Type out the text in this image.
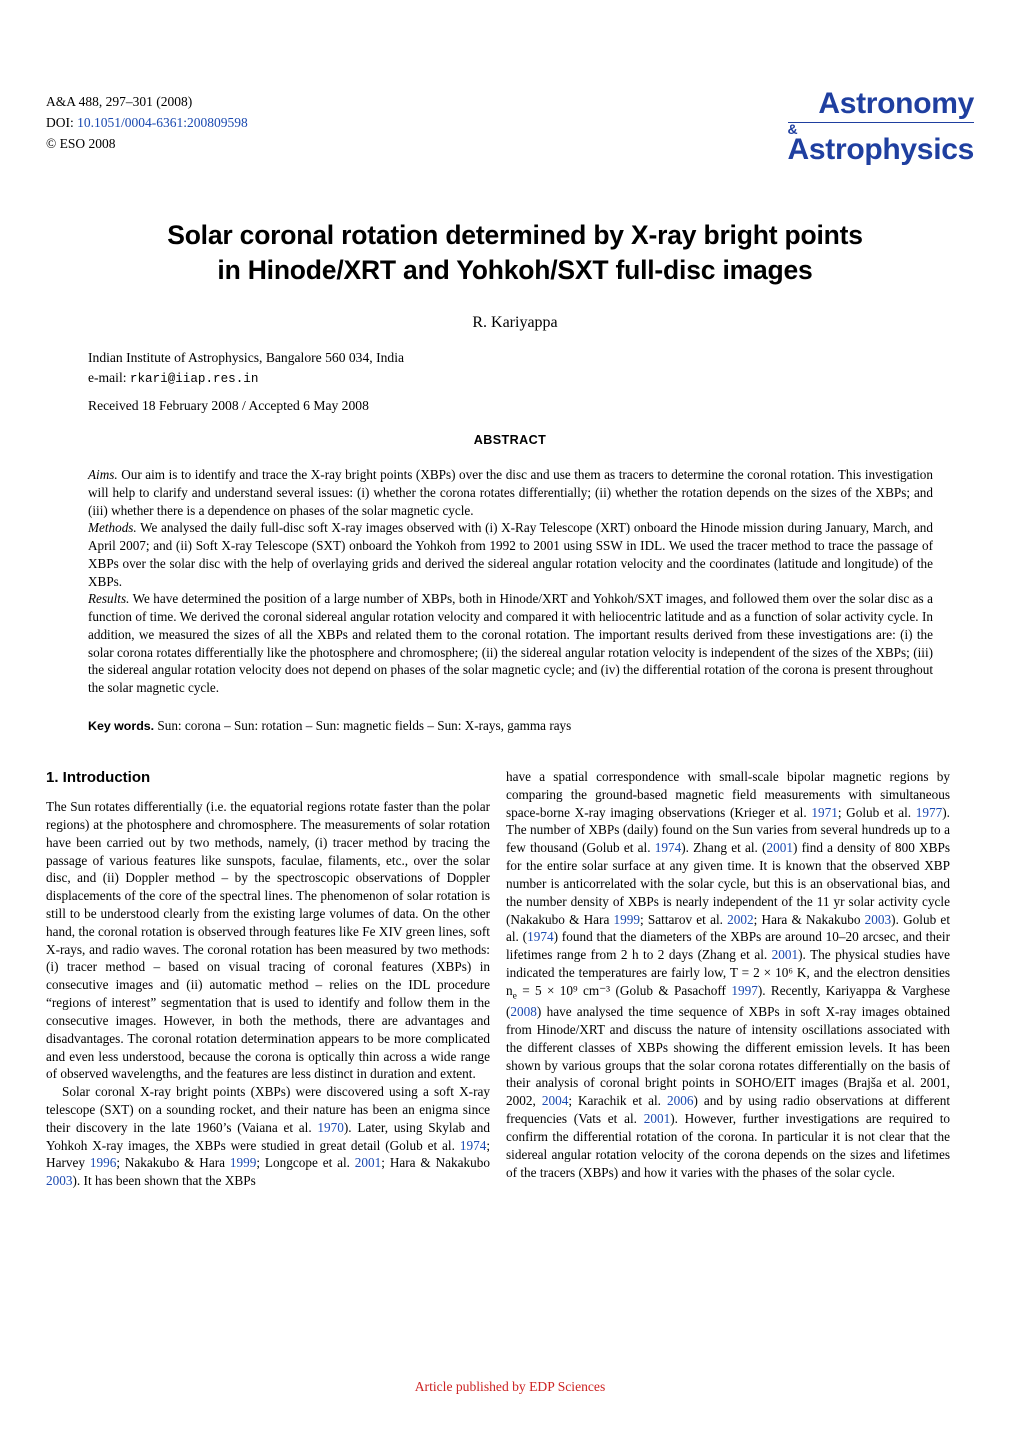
A&A 488, 297–301 (2008)
DOI: 10.1051/0004-6361:200809598
© ESO 2008
Astronomy
&
Astrophysics
Solar coronal rotation determined by X-ray bright points
in Hinode/XRT and Yohkoh/SXT full-disc images
R. Kariyappa
Indian Institute of Astrophysics, Bangalore 560 034, India
e-mail: rkari@iiap.res.in
Received 18 February 2008 / Accepted 6 May 2008
ABSTRACT

Aims. Our aim is to identify and trace the X-ray bright points (XBPs) over the disc and use them as tracers to determine the coronal rotation. This investigation will help to clarify and understand several issues: (i) whether the corona rotates differentially; (ii) whether the rotation depends on the sizes of the XBPs; and (iii) whether there is a dependence on phases of the solar magnetic cycle.

Methods. We analysed the daily full-disc soft X-ray images observed with (i) X-Ray Telescope (XRT) onboard the Hinode mission during January, March, and April 2007; and (ii) Soft X-ray Telescope (SXT) onboard the Yohkoh from 1992 to 2001 using SSW in IDL. We used the tracer method to trace the passage of XBPs over the solar disc with the help of overlaying grids and derived the sidereal angular rotation velocity and the coordinates (latitude and longitude) of the XBPs.

Results. We have determined the position of a large number of XBPs, both in Hinode/XRT and Yohkoh/SXT images, and followed them over the solar disc as a function of time. We derived the coronal sidereal angular rotation velocity and compared it with heliocentric latitude and as a function of solar activity cycle. In addition, we measured the sizes of all the XBPs and related them to the coronal rotation. The important results derived from these investigations are: (i) the solar corona rotates differentially like the photosphere and chromosphere; (ii) the sidereal angular rotation velocity is independent of the sizes of the XBPs; (iii) the sidereal angular rotation velocity does not depend on phases of the solar magnetic cycle; and (iv) the differential rotation of the corona is present throughout the solar magnetic cycle.

Key words. Sun: corona – Sun: rotation – Sun: magnetic fields – Sun: X-rays, gamma rays
1. Introduction

The Sun rotates differentially (i.e. the equatorial regions rotate faster than the polar regions) at the photosphere and chromosphere. The measurements of solar rotation have been carried out by two methods, namely, (i) tracer method by tracing the passage of various features like sunspots, faculae, filaments, etc., over the solar disc, and (ii) Doppler method – by the spectroscopic observations of Doppler displacements of the core of the spectral lines. The phenomenon of solar rotation is still to be understood clearly from the existing large volumes of data. On the other hand, the coronal rotation is observed through features like Fe XIV green lines, soft X-rays, and radio waves. The coronal rotation has been measured by two methods: (i) tracer method – based on visual tracing of coronal features (XBPs) in consecutive images and (ii) automatic method – relies on the IDL procedure “regions of interest” segmentation that is used to identify and follow them in the consecutive images. However, in both the methods, there are advantages and disadvantages. The coronal rotation determination appears to be more complicated and even less understood, because the corona is optically thin across a wide range of observed wavelengths, and the features are less distinct in duration and extent.

Solar coronal X-ray bright points (XBPs) were discovered using a soft X-ray telescope (SXT) on a sounding rocket, and their nature has been an enigma since their discovery in the late 1960’s (Vaiana et al. 1970). Later, using Skylab and Yohkoh X-ray images, the XBPs were studied in great detail (Golub et al. 1974; Harvey 1996; Nakakubo & Hara 1999; Longcope et al. 2001; Hara & Nakakubo 2003). It has been shown that the XBPs

have a spatial correspondence with small-scale bipolar magnetic regions by comparing the ground-based magnetic field measurements with simultaneous space-borne X-ray imaging observations (Krieger et al. 1971; Golub et al. 1977). The number of XBPs (daily) found on the Sun varies from several hundreds up to a few thousand (Golub et al. 1974). Zhang et al. (2001) find a density of 800 XBPs for the entire solar surface at any given time. It is known that the observed XBP number is anticorrelated with the solar cycle, but this is an observational bias, and the number density of XBPs is nearly independent of the 11 yr solar activity cycle (Nakakubo & Hara 1999; Sattarov et al. 2002; Hara & Nakakubo 2003). Golub et al. (1974) found that the diameters of the XBPs are around 10–20 arcsec, and their lifetimes range from 2 h to 2 days (Zhang et al. 2001). The physical studies have indicated the temperatures are fairly low, T = 2 × 10⁶ K, and the electron densities $n_e = 5 \times 10^9$ cm⁻³ (Golub & Pasachoff 1997). Recently, Kariyappa & Varghese (2008) have analysed the time sequence of XBPs in soft X-ray images obtained from Hinode/XRT and discuss the nature of intensity oscillations associated with the different classes of XBPs showing the different emission levels. It has been shown by various groups that the solar corona rotates differentially on the basis of their analysis of coronal bright points in SOHO/EIT images (Brajša et al. 2001, 2002, 2004; Karachik et al. 2006) and by using radio observations at different frequencies (Vats et al. 2001). However, further investigations are required to confirm the differential rotation of the corona. In particular it is not clear that the sidereal angular rotation velocity of the corona depends on the sizes and lifetimes of the tracers (XBPs) and how it varies with the phases of the solar cycle.

Article published by EDP Sciences
